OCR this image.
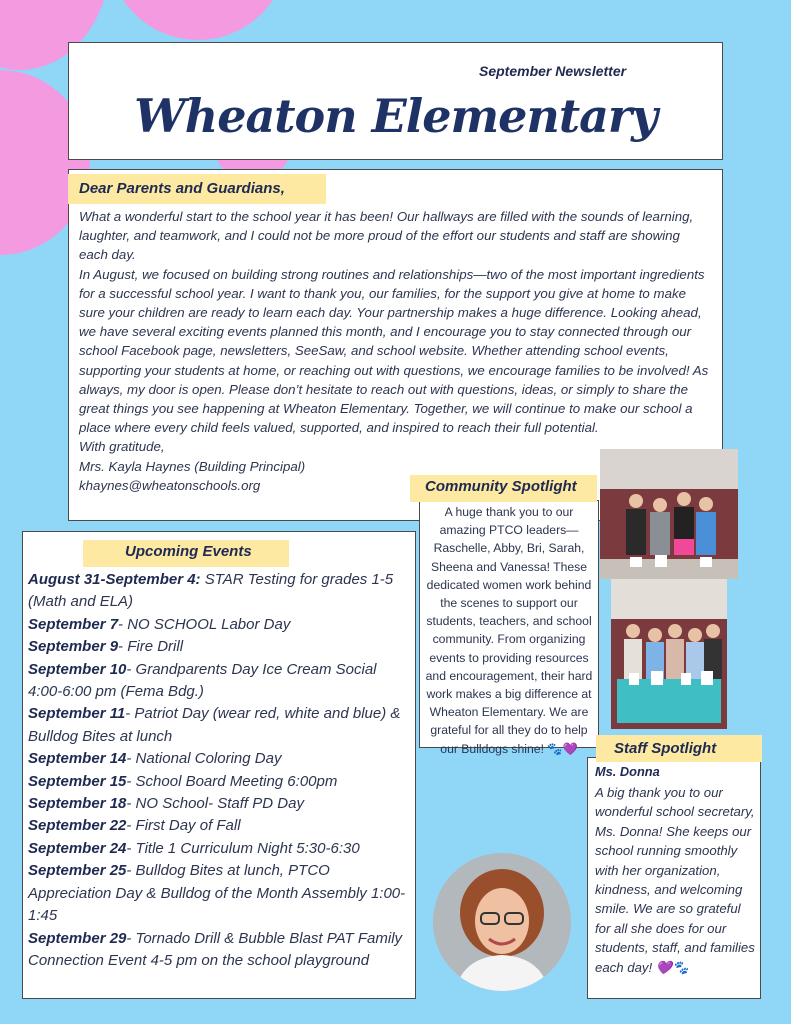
September Newsletter
Wheaton Elementary

What a wonderful start to the school year it has been! Our hallways are filled with the sounds of learning, laughter, and teamwork, and I could not be more proud of the effort our students and staff are showing each day.

In August, we focused on building strong routines and relationships—two of the most important ingredients for a successful school year. I want to thank you, our families, for the support you give at home to make sure your children are ready to learn each day. Your partnership makes a huge difference. Looking ahead, we have several exciting events planned this month, and I encourage you to stay connected through our school Facebook page, newsletters, SeeSaw, and school website. Whether attending school events, supporting your students at home, or reaching out with questions, we encourage families to be involved! As always, my door is open. Please don’t hesitate to reach out with questions, ideas, or simply to share the great things you see happening at Wheaton Elementary. Together, we will continue to make our school a place where every child feels valued, supported, and inspired to reach their full potential.

With gratitude,

Mrs. Kayla Haynes (Building Principal)

khaynes@wheatonschools.org

Dear Parents and Guardians,

August 31-September 4: STAR Testing for grades 1-5 (Math and ELA)

September 7- NO SCHOOL Labor Day

September 9- Fire Drill

September 10- Grandparents Day Ice Cream Social 4:00-6:00 pm (Fema Bdg.)

September 11- Patriot Day (wear red, white and blue) & Bulldog Bites at lunch

September 14- National Coloring Day

September 15- School Board Meeting 6:00pm

September 18- NO School- Staff PD Day

September 22- First Day of Fall

September 24- Title 1 Curriculum Night 5:30-6:30

September 25- Bulldog Bites at lunch, PTCO Appreciation Day & Bulldog of the Month Assembly 1:00-1:45

September 29- Tornado Drill & Bubble Blast PAT Family Connection Event 4-5 pm on the school playground

Upcoming Events
A huge thank you to our amazing PTCO leaders—Raschelle, Abby, Bri, Sarah, Sheena and Vanessa! These dedicated women work behind the scenes to support our students, teachers, and school community. From organizing events to providing resources and encouragement, their hard work makes a big difference at Wheaton Elementary. We are grateful for all they do to help our Bulldogs shine! 🐾💜
Community Spotlight
Ms. Donna
A big thank you to our wonderful school secretary, Ms. Donna! She keeps our school running smoothly with her organization, kindness, and welcoming smile. We are so grateful for all she does for our students, staff, and families each day! 💜🐾
Staff Spotlight
